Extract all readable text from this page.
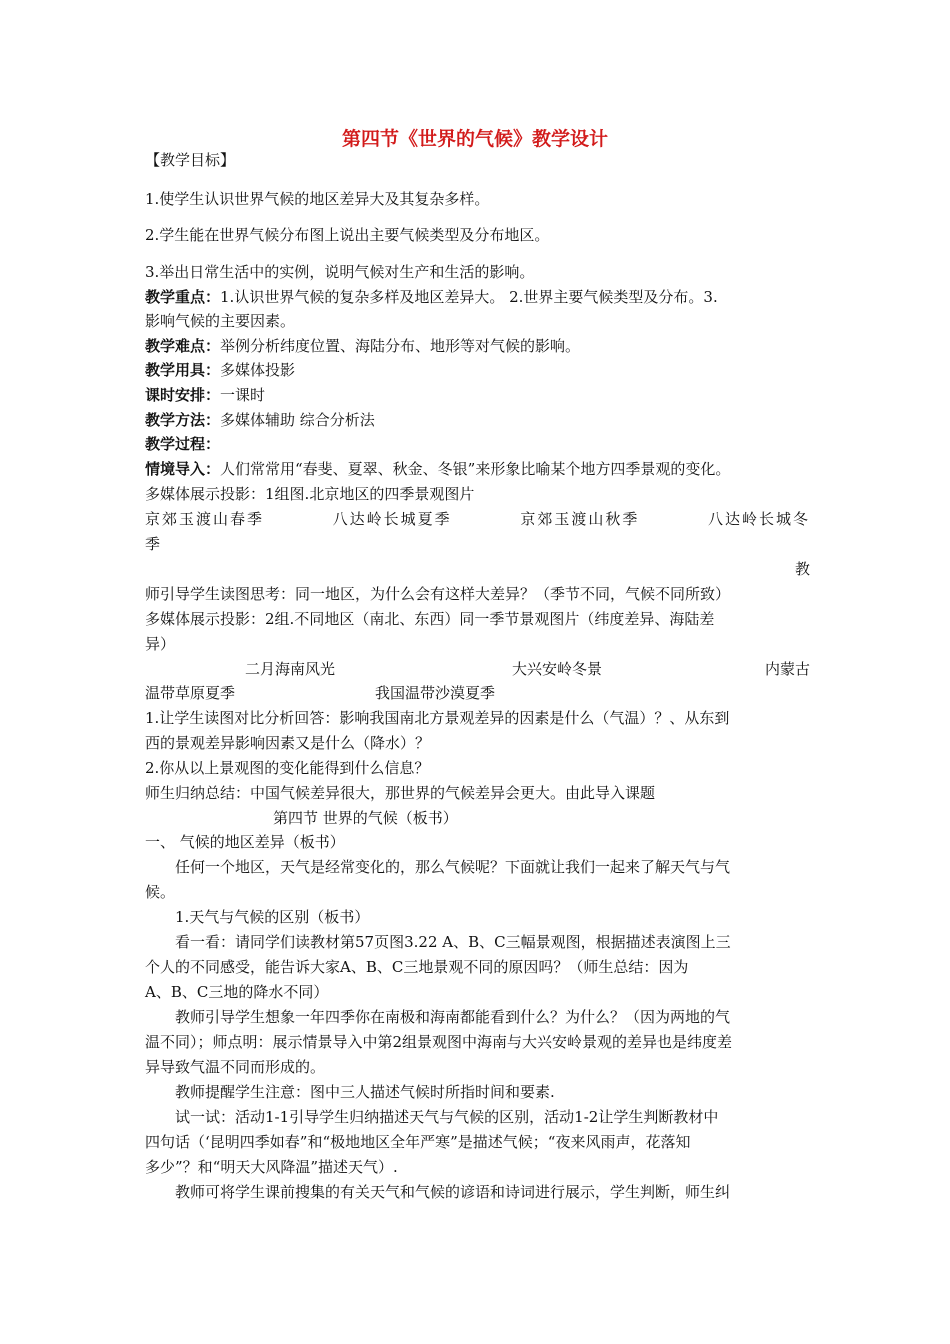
第四节《世界的气候》教学设计
【教学目标】
1.使学生认识世界气候的地区差异大及其复杂多样。
2.学生能在世界气候分布图上说出主要气候类型及分布地区。
3.举出日常生活中的实例，说明气候对生产和生活的影响。
教学重点：1.认识世界气候的复杂多样及地区差异大。 2.世界主要气候类型及分布。3.
影响气候的主要因素。
教学难点：举例分析纬度位置、海陆分布、地形等对气候的影响。
教学用具：多媒体投影
课时安排：一课时
教学方法：多媒体辅助 综合分析法
教学过程：
情境导入：人们常常用“春斐、夏翠、秋金、冬银”来形象比喻某个地方四季景观的变化。
多媒体展示投影：1组图.北京地区的四季景观图片
京郊玉渡山春季	八达岭长城夏季	京郊玉渡山秋季	八达岭长城冬
季
教
师引导学生读图思考：同一地区，为什么会有这样大差异？（季节不同，气候不同所致）
多媒体展示投影：2组.不同地区（南北、东西）同一季节景观图片（纬度差异、海陆差
异）
二月海南风光	大兴安岭冬景	内蒙古
温带草原夏季	我国温带沙漠夏季
1.让学生读图对比分析回答：影响我国南北方景观差异的因素是什么（气温）？、从东到
西的景观差异影响因素又是什么（降水）？
2.你从以上景观图的变化能得到什么信息？
师生归纳总结：中国气候差异很大，那世界的气候差异会更大。由此导入课题
第四节 世界的气候（板书）
一、 气候的地区差异（板书）
任何一个地区，天气是经常变化的，那么气候呢？下面就让我们一起来了解天气与气
候。
1.天气与气候的区别（板书）
看一看：请同学们读教材第57页图3.22 A、B、C三幅景观图，根据描述表演图上三
个人的不同感受，能告诉大家A、B、C三地景观不同的原因吗？（师生总结：因为
A、B、C三地的降水不同）
教师引导学生想象一年四季你在南极和海南都能看到什么？为什么？（因为两地的气
温不同）；师点明：展示情景导入中第2组景观图中海南与大兴安岭景观的差异也是纬度差
异导致气温不同而形成的。
教师提醒学生注意：图中三人描述气候时所指时间和要素.
试一试：活动1-1引导学生归纳描述天气与气候的区别，活动1-2让学生判断教材中
四句话（‘昆明四季如春”和“极地地区全年严寒”是描述气候；“夜来风雨声，花落知
多少”？和“明天大风降温”描述天气）.
教师可将学生课前搜集的有关天气和气候的谚语和诗词进行展示，学生判断，师生纠
